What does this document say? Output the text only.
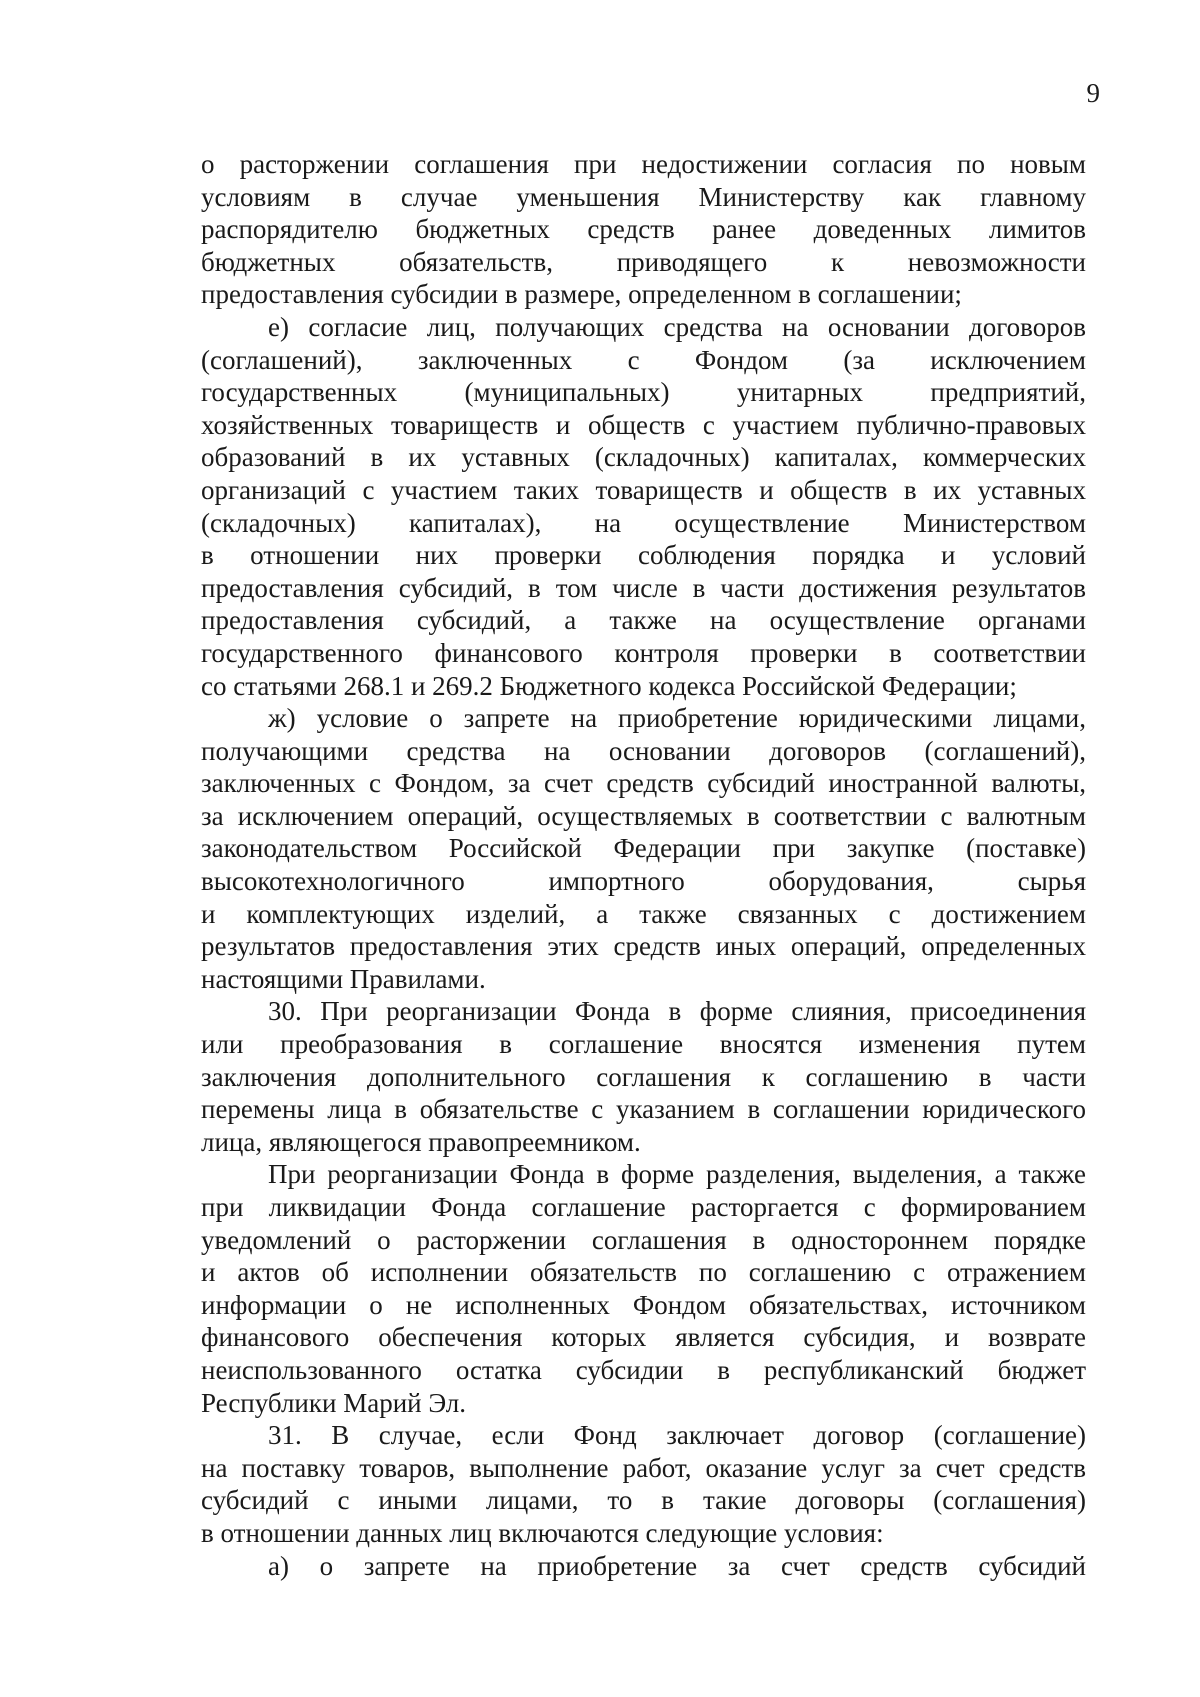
9
о расторжении соглашения при недостижении согласия по новым
условиям в случае уменьшения Министерству как главному
распорядителю бюджетных средств ранее доведенных лимитов
бюджетных обязательств, приводящего к невозможности
предоставления субсидии в размере, определенном в соглашении;
е) согласие лиц, получающих средства на основании договоров
(соглашений), заключенных с Фондом (за исключением
государственных (муниципальных) унитарных предприятий,
хозяйственных товариществ и обществ с участием публично-правовых
образований в их уставных (складочных) капиталах, коммерческих
организаций с участием таких товариществ и обществ в их уставных
(складочных) капиталах), на осуществление Министерством
в отношении них проверки соблюдения порядка и условий
предоставления субсидий, в том числе в части достижения результатов
предоставления субсидий, а также на осуществление органами
государственного финансового контроля проверки в соответствии
со статьями 268.1 и 269.2 Бюджетного кодекса Российской Федерации;
ж) условие о запрете на приобретение юридическими лицами,
получающими средства на основании договоров (соглашений),
заключенных с Фондом, за счет средств субсидий иностранной валюты,
за исключением операций, осуществляемых в соответствии с валютным
законодательством Российской Федерации при закупке (поставке)
высокотехнологичного импортного оборудования, сырья
и комплектующих изделий, а также связанных с достижением
результатов предоставления этих средств иных операций, определенных
настоящими Правилами.
30. При реорганизации Фонда в форме слияния, присоединения
или преобразования в соглашение вносятся изменения путем
заключения дополнительного соглашения к соглашению в части
перемены лица в обязательстве с указанием в соглашении юридического
лица, являющегося правопреемником.
При реорганизации Фонда в форме разделения, выделения, а также
при ликвидации Фонда соглашение расторгается с формированием
уведомлений о расторжении соглашения в одностороннем порядке
и актов об исполнении обязательств по соглашению с отражением
информации о не исполненных Фондом обязательствах, источником
финансового обеспечения которых является субсидия, и возврате
неиспользованного остатка субсидии в республиканский бюджет
Республики Марий Эл.
31. В случае, если Фонд заключает договор (соглашение)
на поставку товаров, выполнение работ, оказание услуг за счет средств
субсидий с иными лицами, то в такие договоры (соглашения)
в отношении данных лиц включаются следующие условия:
а) о запрете на приобретение за счет средств субсидий
